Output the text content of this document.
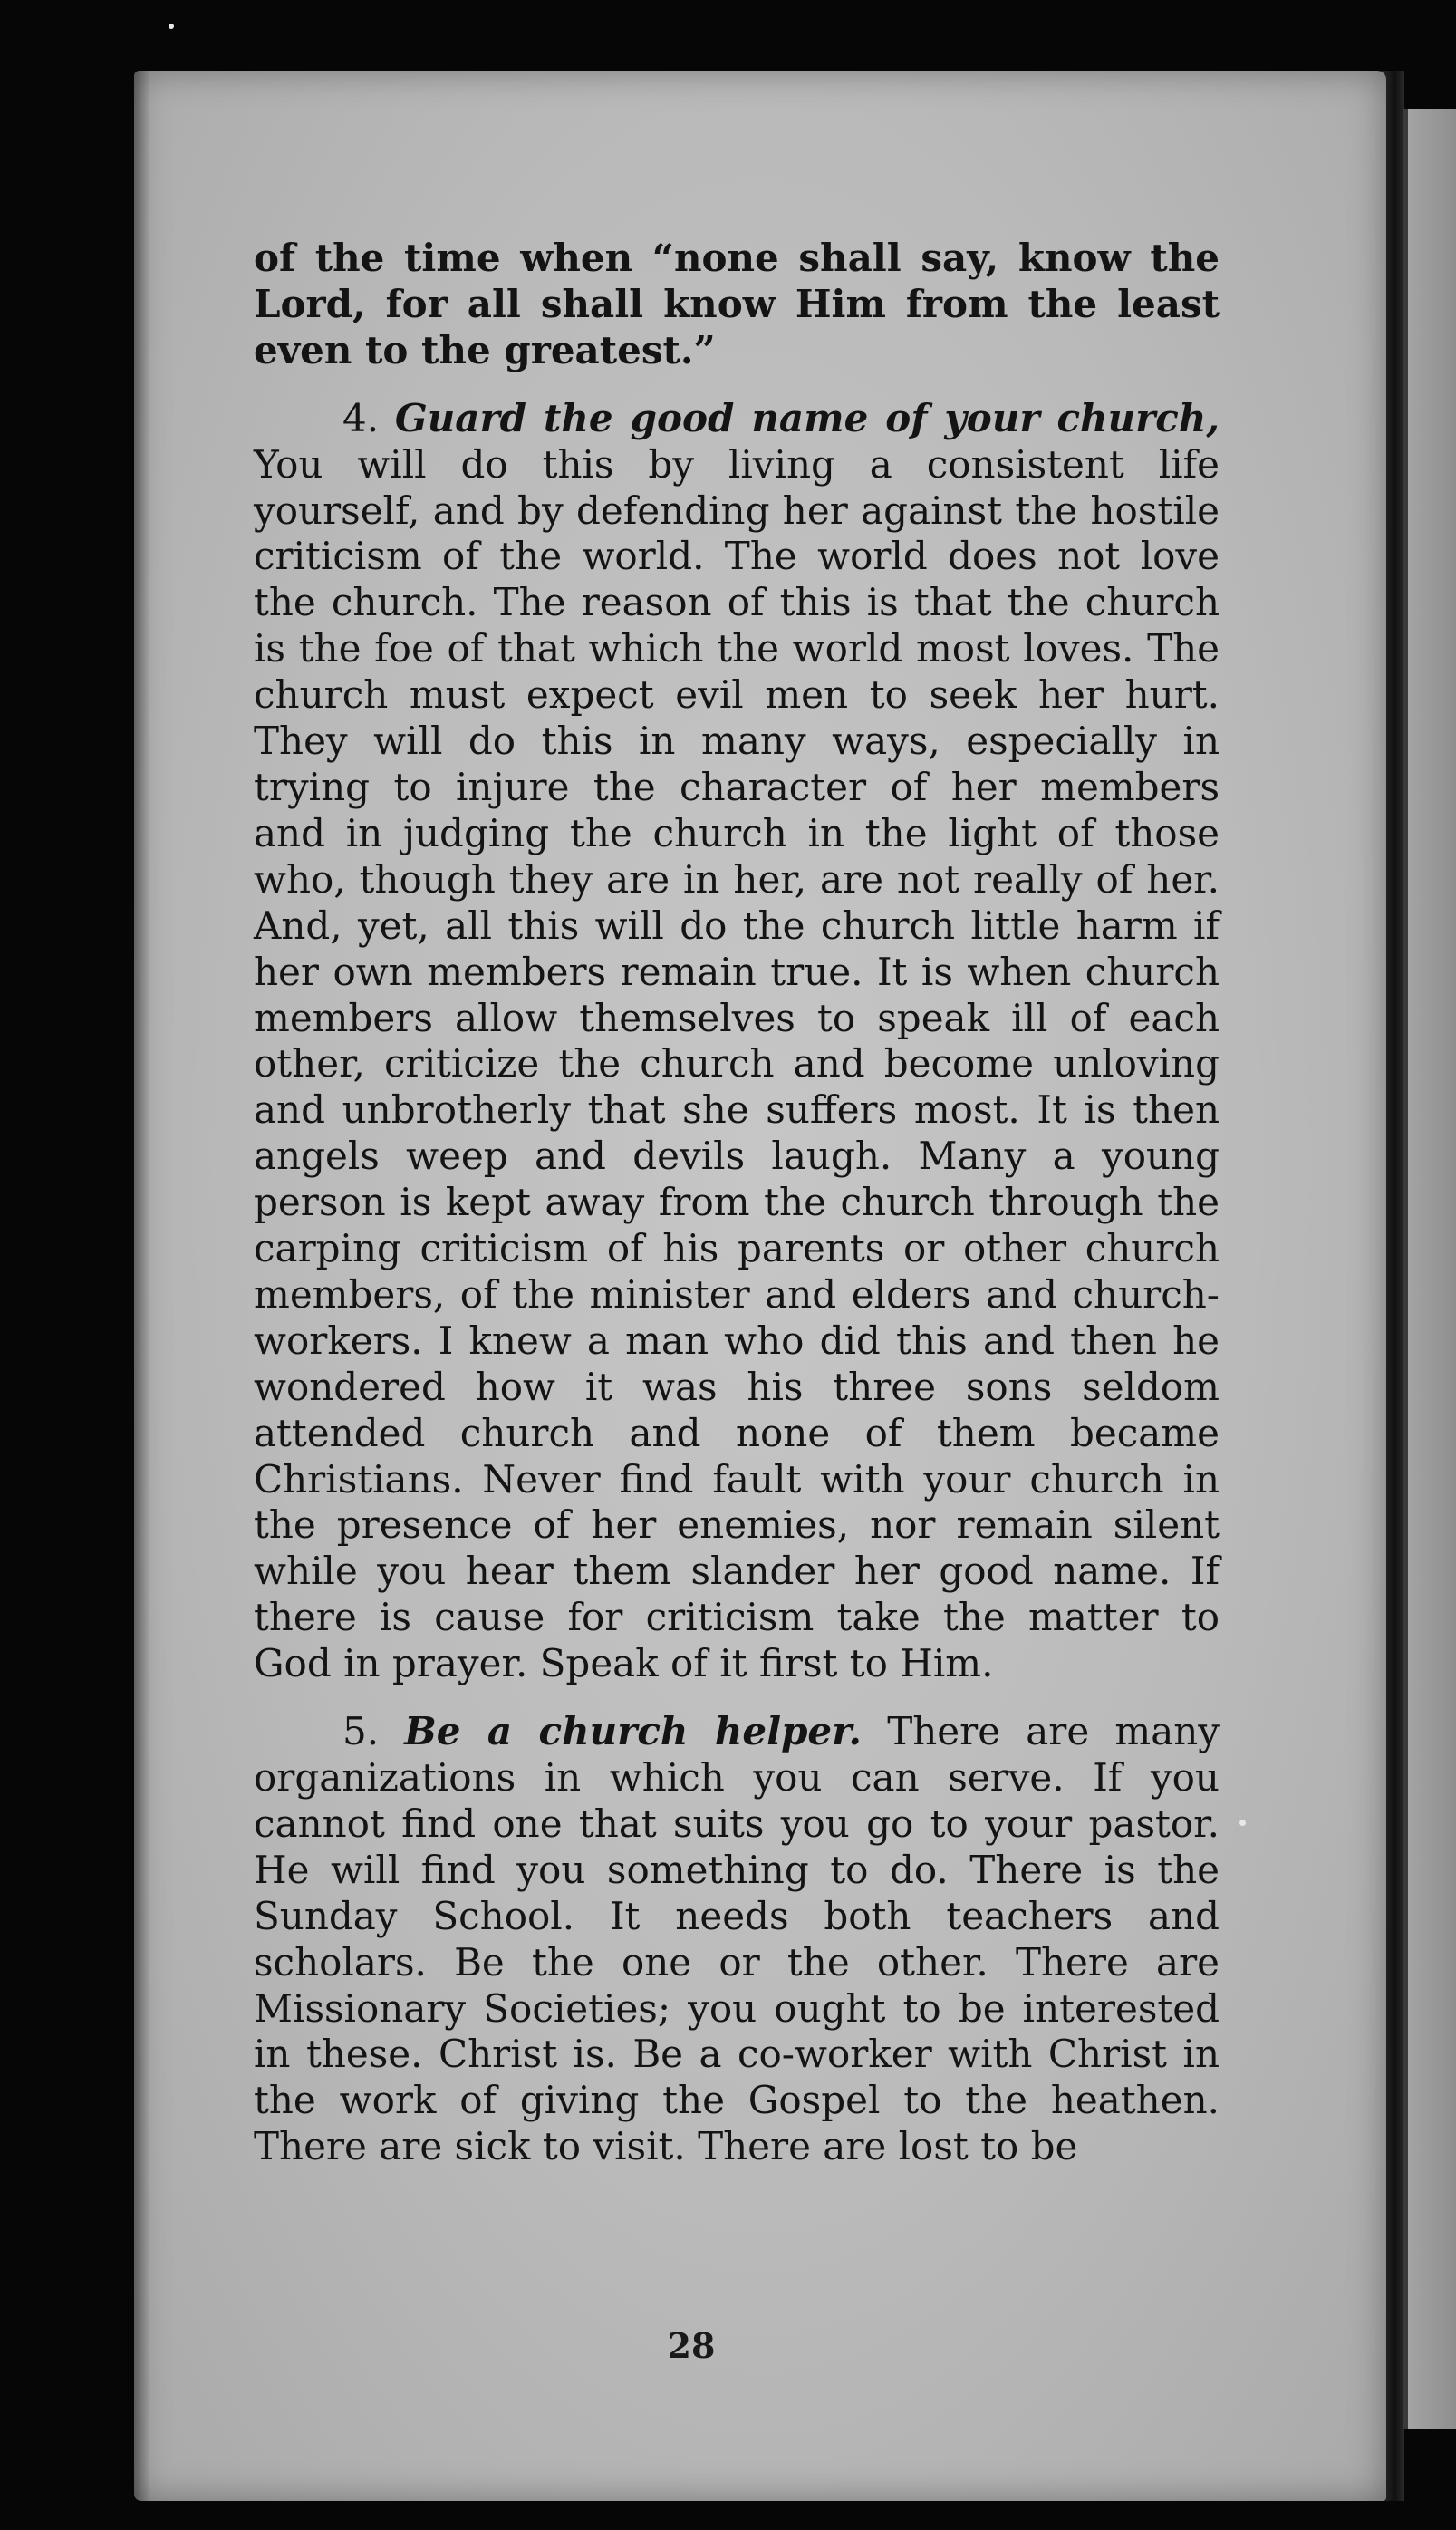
of the time when “none shall say, know the Lord, for all shall know Him from the least even to the greatest.”

4. Guard the good name of your church, You will do this by living a consistent life yourself, and by defending her against the hostile criticism of the world. The world does not love the church. The reason of this is that the church is the foe of that which the world most loves. The church must expect evil men to seek her hurt. They will do this in many ways, especially in trying to injure the character of her members and in judging the church in the light of those who, though they are in her, are not really of her. And, yet, all this will do the church little harm if her own members remain true. It is when church members allow themselves to speak ill of each other, criticize the church and become unloving and unbrotherly that she suffers most. It is then angels weep and devils laugh. Many a young person is kept away from the church through the carping criticism of his parents or other church members, of the minister and elders and church-workers. I knew a man who did this and then he wondered how it was his three sons seldom attended church and none of them became Christians. Never find fault with your church in the presence of her enemies, nor remain silent while you hear them slander her good name. If there is cause for criticism take the matter to God in prayer. Speak of it first to Him.

5. Be a church helper. There are many organizations in which you can serve. If you cannot find one that suits you go to your pastor. He will find you something to do. There is the Sunday School. It needs both teachers and scholars. Be the one or the other. There are Missionary Societies; you ought to be interested in these. Christ is. Be a co-worker with Christ in the work of giving the Gospel to the heathen. There are sick to visit. There are lost to be

28
